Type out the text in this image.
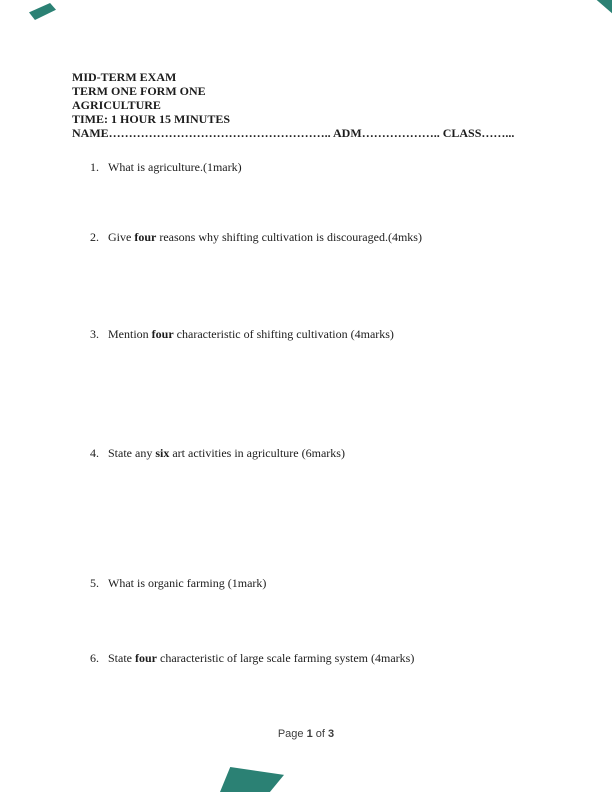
MID-TERM EXAM
TERM ONE FORM ONE
AGRICULTURE
TIME: 1 HOUR 15 MINUTES
NAME……………………………………………….. ADM……………….. CLASS……...
1. What is agriculture.(1mark)
2. Give four reasons why shifting cultivation is discouraged.(4mks)
3. Mention four characteristic of shifting cultivation (4marks)
4. State any six art activities in agriculture (6marks)
5. What is organic farming (1mark)
6. State four characteristic of large scale farming system (4marks)
Page 1 of 3
